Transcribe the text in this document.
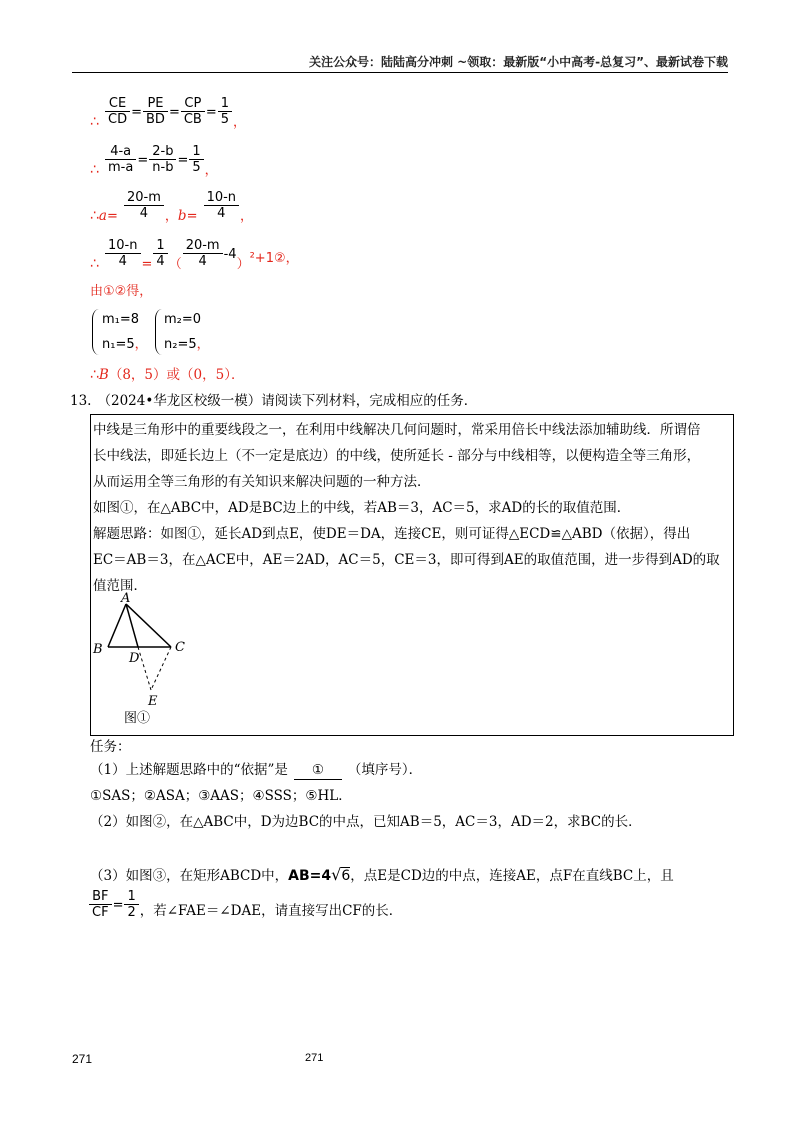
关注公众号：陆陆高分冲刺 ~领取：最新版“小中高考-总复习”、最新试卷下载
∴ $\frac{CE}{CD} = \frac{PE}{BD} = \frac{CP}{CB} = \frac{1}{5} _,$
∴ $\frac{4-a}{m-a} = \frac{2-b}{n-b} = \frac{1}{5} _,$
$\therefore_{a=} \frac{20-m}{4} _{,b=} \frac{10-n}{4} _,$
∴ $\frac{10-n}{4} _= \frac{1}{4} _( \frac{20-m}{4} -4_{)^2+1②,}$
由①②得，
m₁=8
n₁=5，
m₂=0
n₂=5，
∴B（8，5）或（0，5）．
13. （2024•华龙区校级一模）请阅读下列材料，完成相应的任务．
中线是三角形中的重要线段之一，在利用中线解决几何问题时，常采用倍长中线法添加辅助线．所谓倍
长中线法，即延长边上（不一定是底边）的中线，使所延长 - 部分与中线相等，以便构造全等三角形，
从而运用全等三角形的有关知识来解决问题的一种方法．
如图①，在△ABC中，AD是BC边上的中线，若AB＝3，AC＝5，求AD的长的取值范围．
解题思路：如图①，延长AD到点E，使DE＝DA，连接CE，则可证得△ECD≌△ABD（依据），得出
EC＝AB＝3，在△ACE中，AE＝2AD，AC＝5，CE＝3，即可得到AE的取值范围，进一步得到AD的取
值范围．
A
B	C
D
E
图①
任务：
（1）上述解题思路中的“依据”是 ① （填序号）．
①SAS；②ASA；③AAS；④SSS；⑤HL．
（2）如图②，在△ABC中，D为边BC的中点，已知AB＝5，AC＝3，AD＝2，求BC的长．
（3）如图③，在矩形ABCD中，AB=4√6，点E是CD边的中点，连接AE，点F在直线BC上，且
$\frac{BF}{CF} = \frac{1}{2} _{,若\angle FAE=\angle DAE,请直接写出CF的长.}$
271	271
